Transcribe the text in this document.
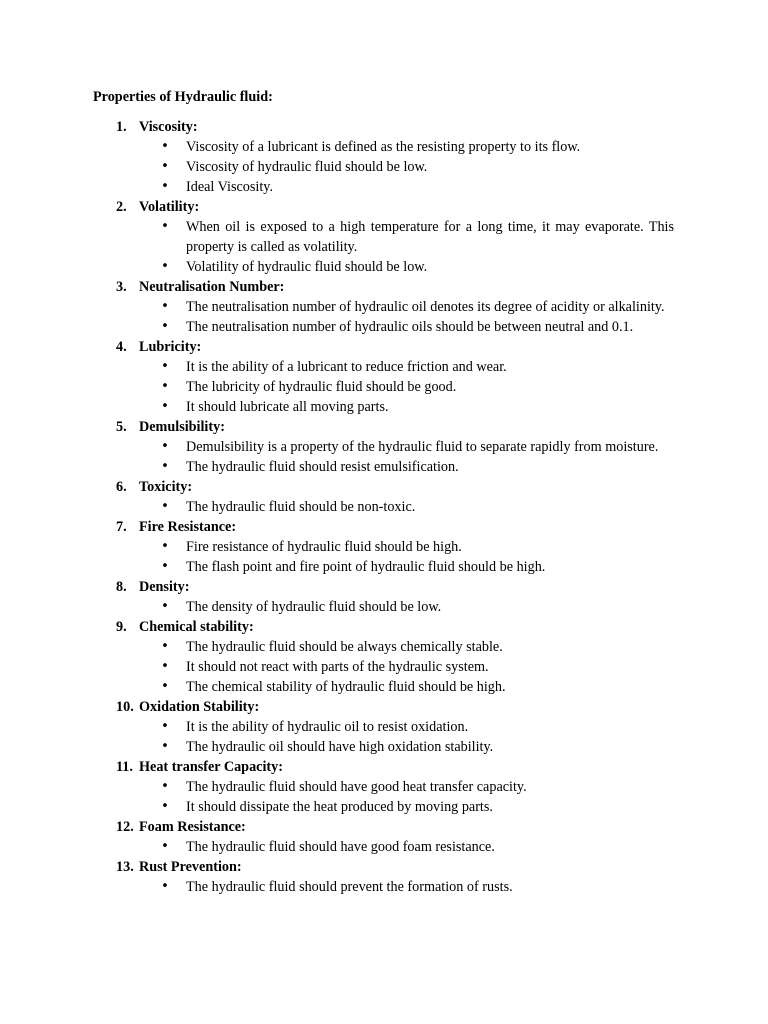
Properties of Hydraulic fluid:
1. Viscosity:
• Viscosity of a lubricant is defined as the resisting property to its flow.
• Viscosity of hydraulic fluid should be low.
• Ideal Viscosity.
2. Volatility:
• When oil is exposed to a high temperature for a long time, it may evaporate. This property is called as volatility.
• Volatility of hydraulic fluid should be low.
3. Neutralisation Number:
• The neutralisation number of hydraulic oil denotes its degree of acidity or alkalinity.
• The neutralisation number of hydraulic oils should be between neutral and 0.1.
4. Lubricity:
• It is the ability of a lubricant to reduce friction and wear.
• The lubricity of hydraulic fluid should be good.
• It should lubricate all moving parts.
5. Demulsibility:
• Demulsibility is a property of the hydraulic fluid to separate rapidly from moisture.
• The hydraulic fluid should resist emulsification.
6. Toxicity:
• The hydraulic fluid should be non-toxic.
7. Fire Resistance:
• Fire resistance of hydraulic fluid should be high.
• The flash point and fire point of hydraulic fluid should be high.
8. Density:
• The density of hydraulic fluid should be low.
9. Chemical stability:
• The hydraulic fluid should be always chemically stable.
• It should not react with parts of the hydraulic system.
• The chemical stability of hydraulic fluid should be high.
10. Oxidation Stability:
• It is the ability of hydraulic oil to resist oxidation.
• The hydraulic oil should have high oxidation stability.
11. Heat transfer Capacity:
• The hydraulic fluid should have good heat transfer capacity.
• It should dissipate the heat produced by moving parts.
12. Foam Resistance:
• The hydraulic fluid should have good foam resistance.
13. Rust Prevention:
• The hydraulic fluid should prevent the formation of rusts.
